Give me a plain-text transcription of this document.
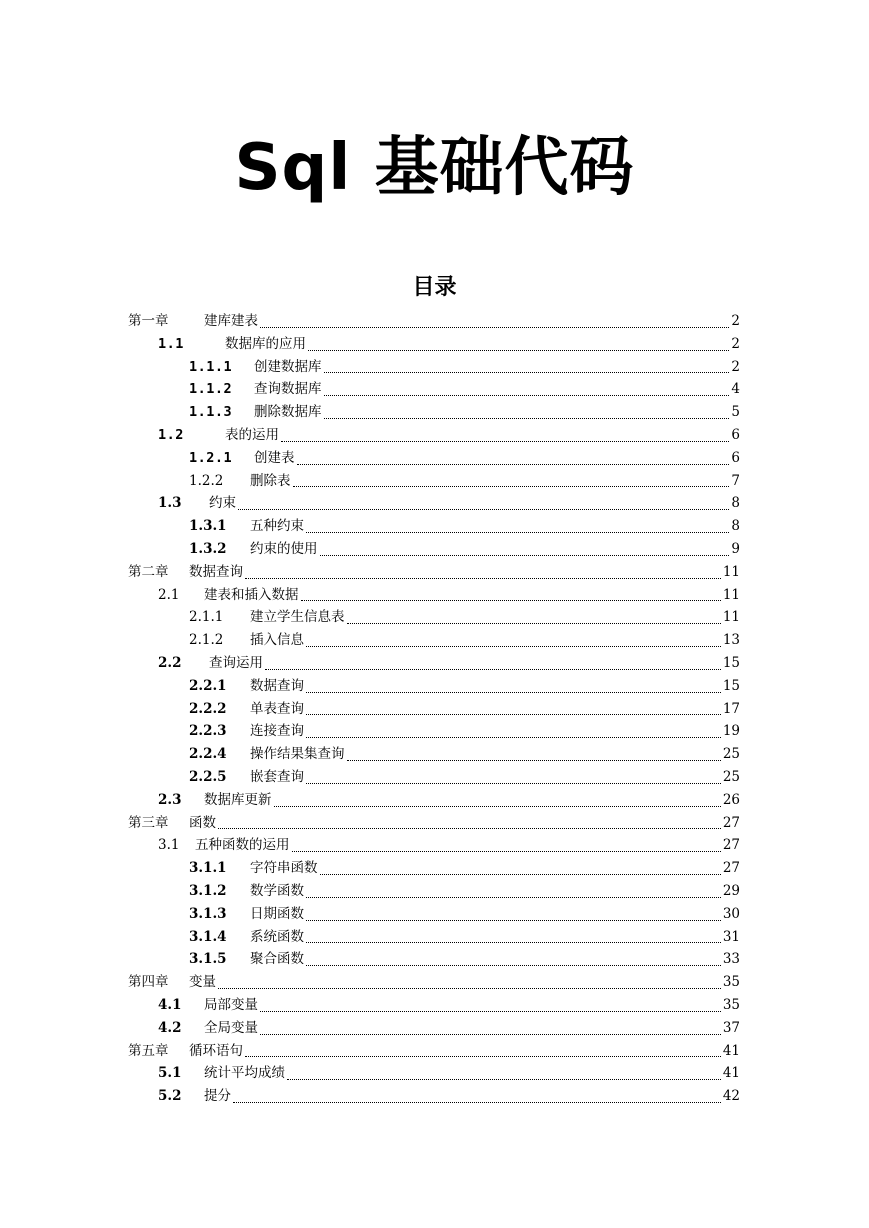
Sql 基础代码
目录
第一章	建库建表	2
1.1	数据库的应用	2
1.1.1	创建数据库	2
1.1.2	查询数据库	4
1.1.3	删除数据库	5
1.2	表的运用	6
1.2.1	创建表	6
1.2.2	删除表	7
1.3	约束	8
1.3.1	五种约束	8
1.3.2	约束的使用	9
第二章	数据查询	11
2.1	建表和插入数据	11
2.1.1	建立学生信息表	11
2.1.2	插入信息	13
2.2	查询运用	15
2.2.1	数据查询	15
2.2.2	单表查询	17
2.2.3	连接查询	19
2.2.4	操作结果集查询	25
2.2.5	嵌套查询	25
2.3	数据库更新	26
第三章	函数	27
3.1	五种函数的运用	27
3.1.1	字符串函数	27
3.1.2	数学函数	29
3.1.3	日期函数	30
3.1.4	系统函数	31
3.1.5	聚合函数	33
第四章	变量	35
4.1	局部变量	35
4.2	全局变量	37
第五章	循环语句	41
5.1	统计平均成绩	41
5.2	提分	42
